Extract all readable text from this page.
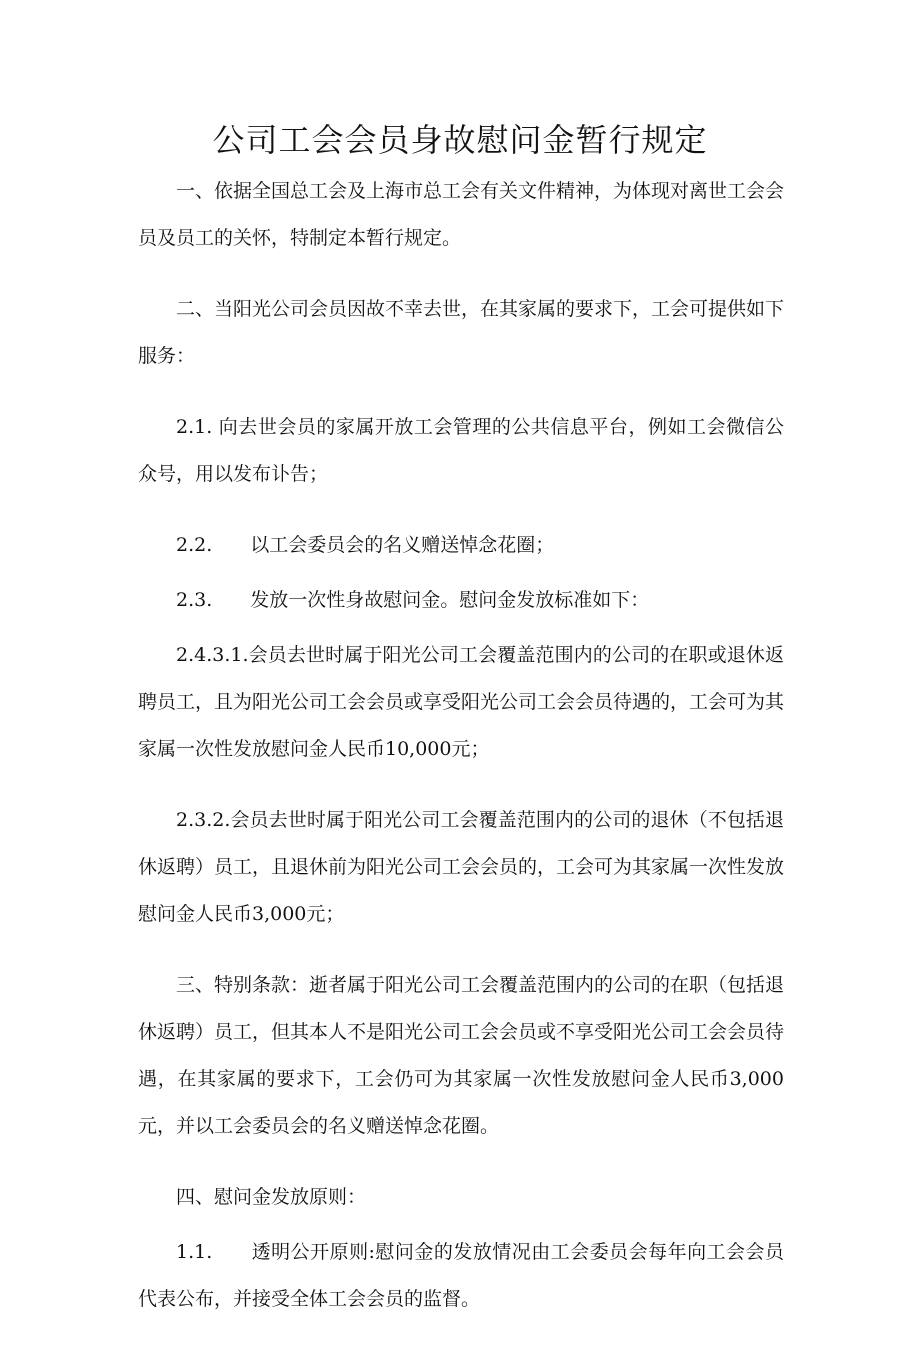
公司工会会员身故慰问金暂行规定

一、依据全国总工会及上海市总工会有关文件精神，为体现对离世工会会员及员工的关怀，特制定本暂行规定。

二、当阳光公司会员因故不幸去世，在其家属的要求下，工会可提供如下服务：

2.1. 向去世会员的家属开放工会管理的公共信息平台，例如工会微信公众号，用以发布讣告；

2.2.　　以工会委员会的名义赠送悼念花圈；

2.3.　　发放一次性身故慰问金。慰问金发放标准如下：

2.4.3.1.会员去世时属于阳光公司工会覆盖范围内的公司的在职或退休返聘员工，且为阳光公司工会会员或享受阳光公司工会会员待遇的，工会可为其家属一次性发放慰问金人民币10,000元；

2.3.2.会员去世时属于阳光公司工会覆盖范围内的公司的退休（不包括退休返聘）员工，且退休前为阳光公司工会会员的，工会可为其家属一次性发放慰问金人民币3,000元；

三、特别条款：逝者属于阳光公司工会覆盖范围内的公司的在职（包括退休返聘）员工，但其本人不是阳光公司工会会员或不享受阳光公司工会会员待遇，在其家属的要求下，工会仍可为其家属一次性发放慰问金人民币3,000元，并以工会委员会的名义赠送悼念花圈。

四、慰问金发放原则：

1.1.　　透明公开原则:慰问金的发放情况由工会委员会每年向工会会员代表公布，并接受全体工会会员的监督。
